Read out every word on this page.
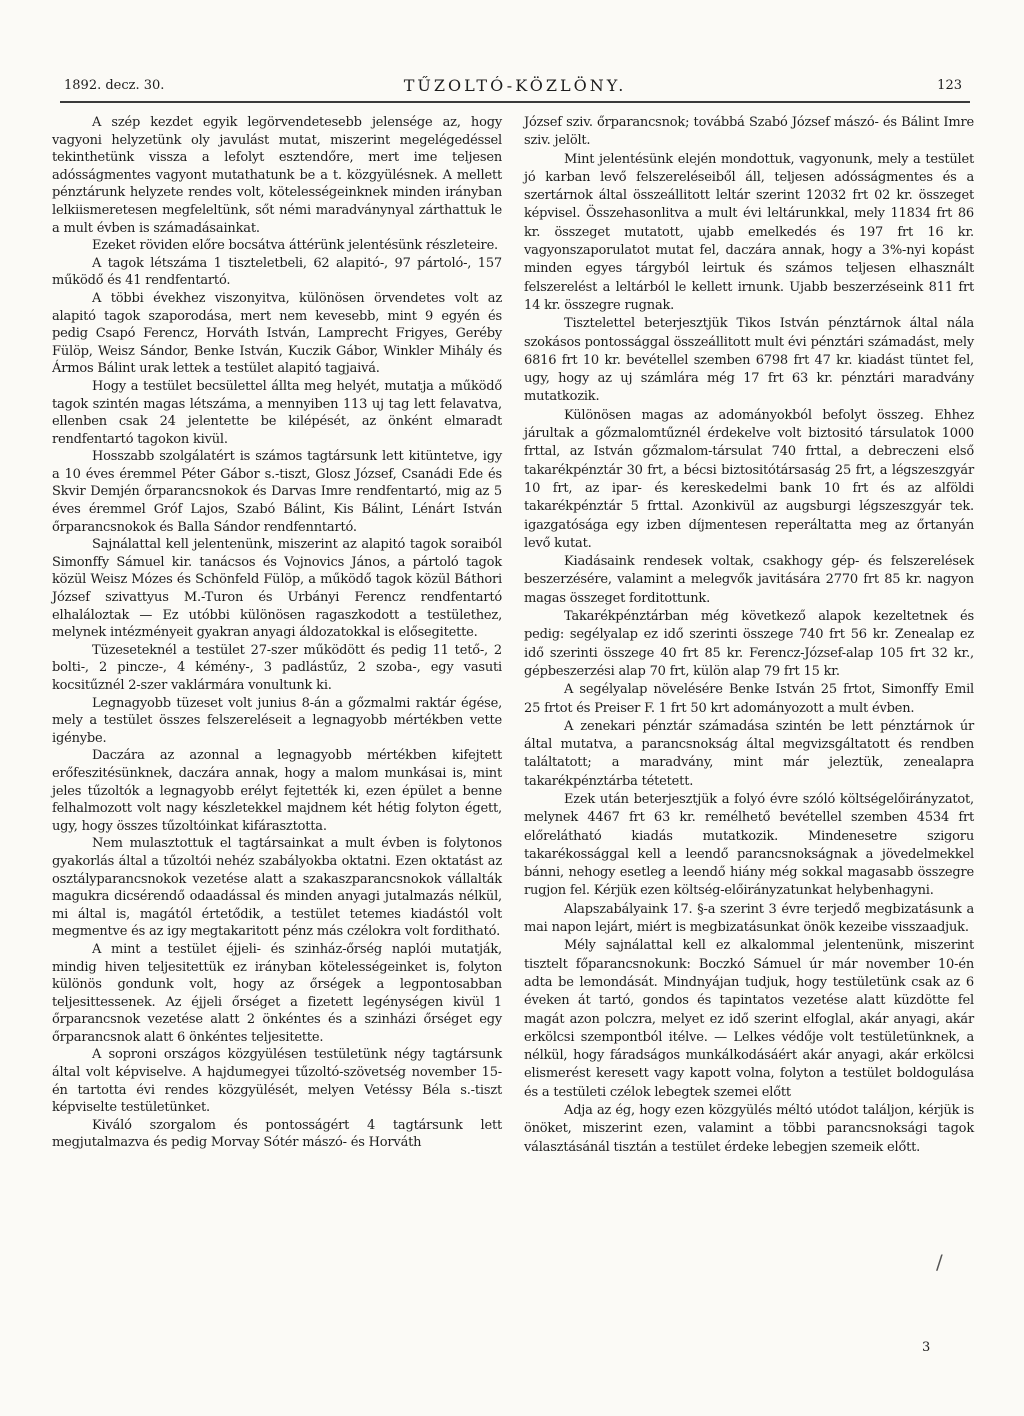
1892. decz. 30.	TŰZOLTÓ-KÖZLÖNY.	123

A szép kezdet egyik legörvendetesebb jelensége az, hogy vagyoni helyzetünk oly javulást mutat, miszerint megelégedéssel tekinthetünk vissza a lefolyt esztendőre, mert ime teljesen adósságmentes vagyont mutathatunk be a t. közgyülésnek. A mellett pénztárunk helyzete rendes volt, kötelességeinknek minden irányban lelkiismeretesen megfeleltünk, sőt némi maradványnyal zárthattuk le a mult évben is számadásainkat.

Ezeket röviden előre bocsátva áttérünk jelentésünk részleteire.

A tagok létszáma 1 tiszteletbeli, 62 alapitó-, 97 pártoló-, 157 működő és 41 rendfentartó.

A többi évekhez viszonyitva, különösen örvendetes volt az alapitó tagok szaporodása, mert nem kevesebb, mint 9 egyén és pedig Csapó Ferencz, Horváth István, Lamprecht Frigyes, Geréby Fülöp, Weisz Sándor, Benke István, Kuczik Gábor, Winkler Mihály és Ármos Bálint urak lettek a testület alapitó tagjaivá.

Hogy a testület becsülettel állta meg helyét, mutatja a működő tagok szintén magas létszáma, a mennyiben 113 uj tag lett felavatva, ellenben csak 24 jelentette be kilépését, az önként elmaradt rendfentartó tagokon kivül.

Hosszabb szolgálatért is számos tagtársunk lett kitüntetve, igy a 10 éves éremmel Péter Gábor s.-tiszt, Glosz József, Csanádi Ede és Skvir Demjén őrparancsnokok és Darvas Imre rendfentartó, mig az 5 éves éremmel Gróf Lajos, Szabó Bálint, Kis Bálint, Lénárt István őrparancsnokok és Balla Sándor rendfenntartó.

Sajnálattal kell jelentenünk, miszerint az alapitó tagok soraiból Simonffy Sámuel kir. tanácsos és Vojnovics János, a pártoló tagok közül Weisz Mózes és Schönfeld Fülöp, a működő tagok közül Báthori József szivattyus M.-Turon és Urbányi Ferencz rendfentartó elhaláloztak — Ez utóbbi különösen ragaszkodott a testülethez, melynek intézményeit gyakran anyagi áldozatokkal is elősegitette.

Tüzeseteknél a testület 27-szer működött és pedig 11 tető-, 2 bolti-, 2 pincze-, 4 kémény-, 3 padlástűz, 2 szoba-, egy vasuti kocsitűznél 2-szer vaklármára vonultunk ki.

Legnagyobb tüzeset volt junius 8-án a gőzmalmi raktár égése, mely a testület összes felszereléseit a legnagyobb mértékben vette igénybe.

Daczára az azonnal a legnagyobb mértékben kifejtett erőfeszitésünknek, daczára annak, hogy a malom munkásai is, mint jeles tűzoltók a legnagyobb erélyt fejtették ki, ezen épület a benne felhalmozott volt nagy készletekkel majdnem két hétig folyton égett, ugy, hogy összes tűzoltóinkat kifárasztotta.

Nem mulasztottuk el tagtársainkat a mult évben is folytonos gyakorlás által a tűzoltói nehéz szabályokba oktatni. Ezen oktatást az osztályparancsnokok vezetése alatt a szakaszparancsnokok vállalták magukra dicsérendő odaadással és minden anyagi jutalmazás nélkül, mi által is, magától értetődik, a testület tetemes kiadástól volt megmentve és az igy megtakaritott pénz más czélokra volt forditható.

A mint a testület éjjeli- és szinház-őrség naplói mutatják, mindig hiven teljesitettük ez irányban kötelességeinket is, folyton különös gondunk volt, hogy az őrségek a legpontosabban teljesittessenek. Az éjjeli őrséget a fizetett legénységen kivül 1 őrparancsnok vezetése alatt 2 önkéntes és a szinházi őrséget egy őrparancsnok alatt 6 önkéntes teljesitette.

A soproni országos közgyülésen testületünk négy tagtársunk által volt képviselve. A hajdumegyei tűzoltó-szövetség november 15-én tartotta évi rendes közgyülését, melyen Vetéssy Béla s.-tiszt képviselte testületünket.

Kiváló szorgalom és pontosságért 4 tagtársunk lett megjutalmazva és pedig Morvay Sótér mászó- és Horváth

József sziv. őrparancsnok; továbbá Szabó József mászó- és Bálint Imre sziv. jelölt.

Mint jelentésünk elején mondottuk, vagyonunk, mely a testület jó karban levő felszereléseiből áll, teljesen adósságmentes és a szertárnok által összeállitott leltár szerint 12032 frt 02 kr. összeget képvisel. Összehasonlitva a mult évi leltárunkkal, mely 11834 frt 86 kr. összeget mutatott, ujabb emelkedés és 197 frt 16 kr. vagyonszaporulatot mutat fel, daczára annak, hogy a 3%-nyi kopást minden egyes tárgyból leirtuk és számos teljesen elhasznált felszerelést a leltárból le kellett irnunk. Ujabb beszerzéseink 811 frt 14 kr. összegre rugnak.

Tisztelettel beterjesztjük Tikos István pénztárnok által nála szokásos pontossággal összeállitott mult évi pénztári számadást, mely 6816 frt 10 kr. bevétellel szemben 6798 frt 47 kr. kiadást tüntet fel, ugy, hogy az uj számlára még 17 frt 63 kr. pénztári maradvány mutatkozik.

Különösen magas az adományokból befolyt összeg. Ehhez járultak a gőzmalomtűznél érdekelve volt biztositó társulatok 1000 frttal, az István gőzmalom-társulat 740 frttal, a debreczeni első takarékpénztár 30 frt, a bécsi biztositótársaság 25 frt, a légszeszgyár 10 frt, az ipar- és kereskedelmi bank 10 frt és az alföldi takarékpénztár 5 frttal. Azonkivül az augsburgi légszeszgyár tek. igazgatósága egy izben díjmentesen reperáltatta meg az őrtanyán levő kutat.

Kiadásaink rendesek voltak, csakhogy gép- és felszerelések beszerzésére, valamint a melegvők javitására 2770 frt 85 kr. nagyon magas összeget forditottunk.

Takarékpénztárban még következő alapok kezeltetnek és pedig: segélyalap ez idő szerinti összege 740 frt 56 kr. Zenealap ez idő szerinti összege 40 frt 85 kr. Ferencz-József-alap 105 frt 32 kr., gépbeszerzési alap 70 frt, külön alap 79 frt 15 kr.

A segélyalap növelésére Benke István 25 frtot, Simonffy Emil 25 frtot és Preiser F. 1 frt 50 krt adományozott a mult évben.

A zenekari pénztár számadása szintén be lett pénztárnok úr által mutatva, a parancsnokság által megvizsgáltatott és rendben találtatott; a maradvány, mint már jeleztük, zenealapra takarékpénztárba tétetett.

Ezek után beterjesztjük a folyó évre szóló költségelőirányzatot, melynek 4467 frt 63 kr. remélhető bevétellel szemben 4534 frt előrelátható kiadás mutatkozik. Mindenesetre szigoru takarékossággal kell a leendő parancsnokságnak a jövedelmekkel bánni, nehogy esetleg a leendő hiány még sokkal magasabb összegre rugjon fel. Kérjük ezen költség-előirányzatunkat helybenhagyni.

Alapszabályaink 17. §-a szerint 3 évre terjedő megbizatásunk a mai napon lejárt, miért is megbizatásunkat önök kezeibe visszaadjuk.

Mély sajnálattal kell ez alkalommal jelentenünk, miszerint tisztelt főparancsnokunk: Boczkó Sámuel úr már november 10-én adta be lemondását. Mindnyájan tudjuk, hogy testületünk csak az 6 éveken át tartó, gondos és tapintatos vezetése alatt küzdötte fel magát azon polczra, melyet ez idő szerint elfoglal, akár anyagi, akár erkölcsi szempontból itélve. — Lelkes védője volt testületünknek, a nélkül, hogy fáradságos munkálkodásáért akár anyagi, akár erkölcsi elismerést keresett vagy kapott volna, folyton a testület boldogulása és a testületi czélok lebegtek szemei előtt

Adja az ég, hogy ezen közgyülés méltó utódot találjon, kérjük is önöket, miszerint ezen, valamint a többi parancsnoksági tagok választásánál tisztán a testület érdeke lebegjen szemeik előtt.

/
3
